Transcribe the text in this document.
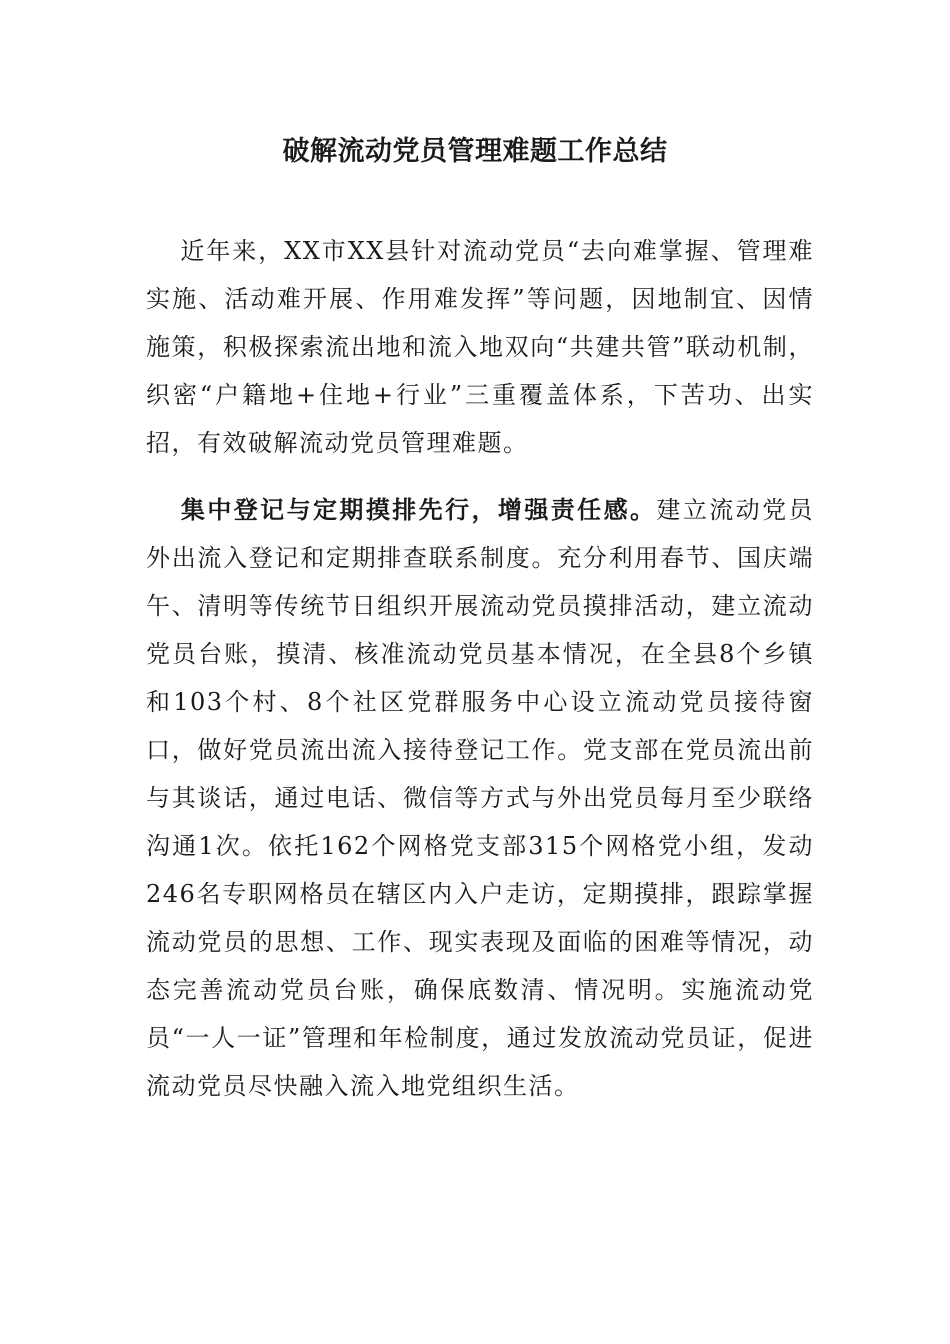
破解流动党员管理难题工作总结

近年来，XX市XX县针对流动党员“去向难掌握、管理难实施、活动难开展、作用难发挥”等问题，因地制宜、因情施策，积极探索流出地和流入地双向“共建共管”联动机制，织密“户籍地+住地+行业”三重覆盖体系，下苦功、出实招，有效破解流动党员管理难题。

集中登记与定期摸排先行，增强责任感。建立流动党员外出流入登记和定期排查联系制度。充分利用春节、国庆端午、清明等传统节日组织开展流动党员摸排活动，建立流动党员台账，摸清、核准流动党员基本情况，在全县8个乡镇和103个村、8个社区党群服务中心设立流动党员接待窗口，做好党员流出流入接待登记工作。党支部在党员流出前与其谈话，通过电话、微信等方式与外出党员每月至少联络沟通1次。依托162个网格党支部315个网格党小组，发动246名专职网格员在辖区内入户走访，定期摸排，跟踪掌握流动党员的思想、工作、现实表现及面临的困难等情况，动态完善流动党员台账，确保底数清、情况明。实施流动党员“一人一证”管理和年检制度，通过发放流动党员证，促进流动党员尽快融入流入地党组织生活。
